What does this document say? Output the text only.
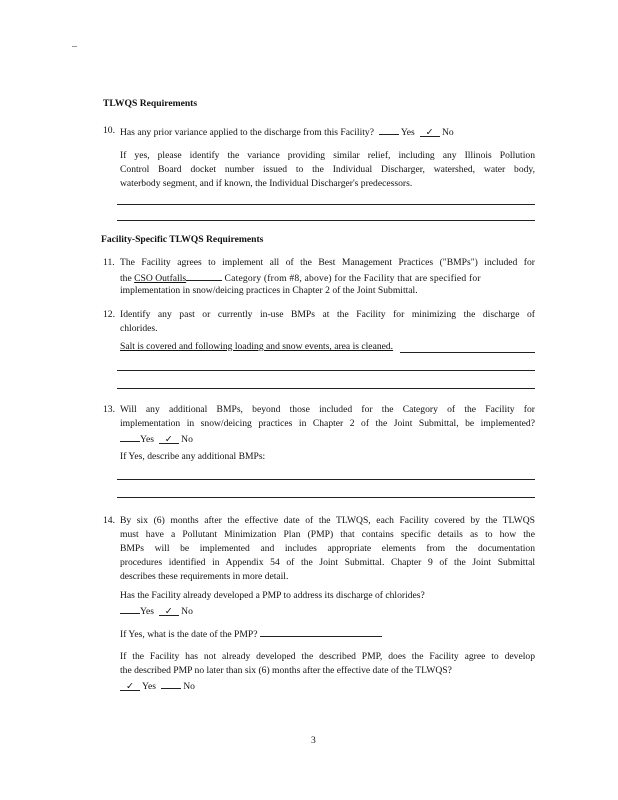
TLWQS Requirements
10. Has any prior variance applied to the discharge from this Facility?	Yes ✓ No
If yes, please identify the variance providing similar relief, including any Illinois Pollution
Control Board docket number issued to the Individual Discharger, watershed, water body,
waterbody segment, and if known, the Individual Discharger's predecessors.
Facility-Specific TLWQS Requirements
11. The Facility agrees to implement all of the Best Management Practices ("BMPs") included for
the CSO Outfalls	Category (from #8, above) for the Facility that are specified for
implementation in snow/deicing practices in Chapter 2 of the Joint Submittal.
12. Identify any past or currently in-use BMPs at the Facility for minimizing the discharge of
chlorides.
Salt is covered and following loading and snow events, area is cleaned.
13. Will any additional BMPs, beyond those included for the Category of the Facility for
implementation in snow/deicing practices in Chapter 2 of the Joint Submittal, be implemented?
Yes ✓ No
If Yes, describe any additional BMPs:
14. By six (6) months after the effective date of the TLWQS, each Facility covered by the TLWQS
must have a Pollutant Minimization Plan (PMP) that contains specific details as to how the
BMPs will be implemented and includes appropriate elements from the documentation
procedures identified in Appendix 54 of the Joint Submittal. Chapter 9 of the Joint Submittal
describes these requirements in more detail.
Has the Facility already developed a PMP to address its discharge of chlorides?
Yes ✓ No
If Yes, what is the date of the PMP?
If the Facility has not already developed the described PMP, does the Facility agree to develop
the described PMP no later than six (6) months after the effective date of the TLWQS?
✓ Yes	No
3
